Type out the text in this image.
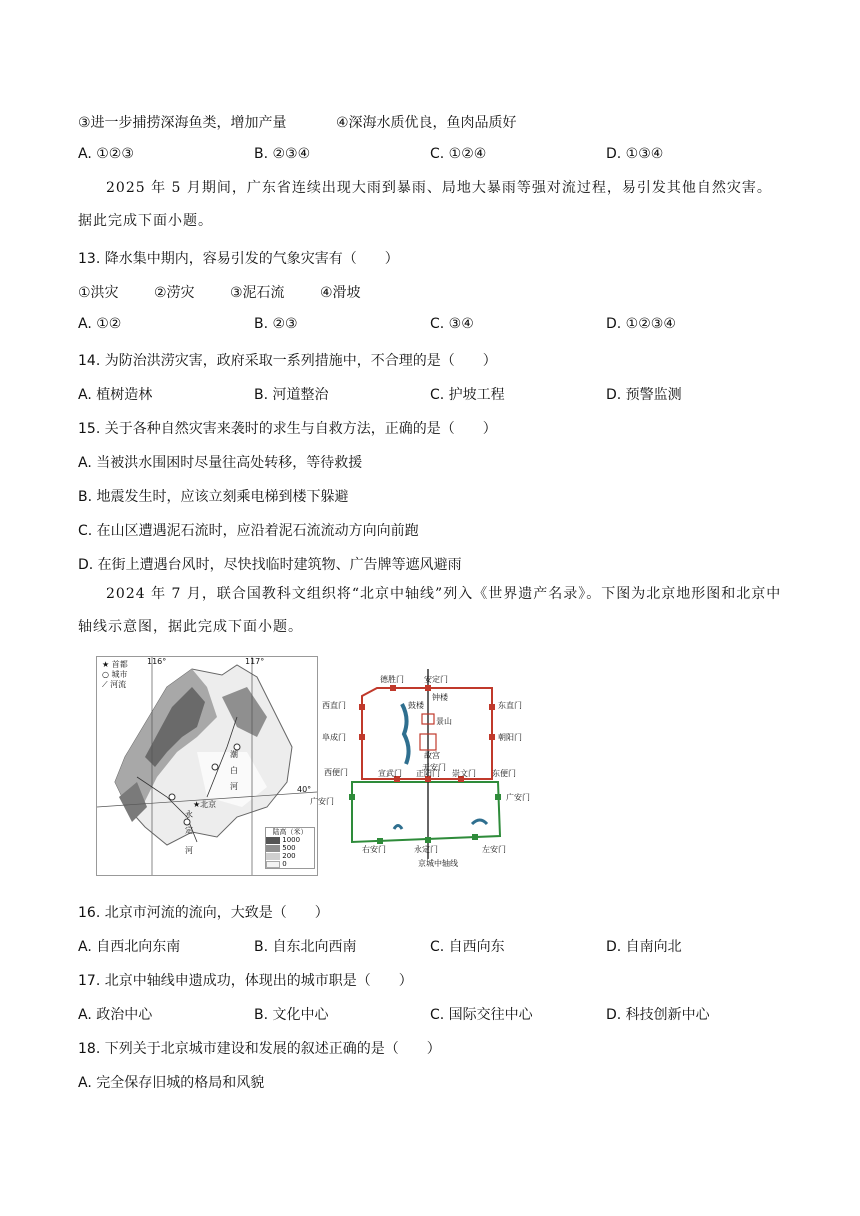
③进一步捕捞深海鱼类，增加产量	④深海水质优良，鱼肉品质好
A. ①②③	B. ②③④	C. ①②④	D. ①③④
2025 年 5 月期间，广东省连续出现大雨到暴雨、局地大暴雨等强对流过程，易引发其他自然灾害。据此完成下面小题。
13. 降水集中期内，容易引发的气象灾害有（　　）
①洪灾	②涝灾	③泥石流	④滑坡
A. ①②	B. ②③	C. ③④	D. ①②③④
14. 为防治洪涝灾害，政府采取一系列措施中，不合理的是（　　）
A. 植树造林	B. 河道整治	C. 护坡工程	D. 预警监测
15. 关于各种自然灾害来袭时的求生与自救方法，正确的是（　　）
A. 当被洪水围困时尽量往高处转移，等待救援
B. 地震发生时，应该立刻乘电梯到楼下躲避
C. 在山区遭遇泥石流时，应沿着泥石流流动方向向前跑
D. 在街上遭遇台风时，尽快找临时建筑物、广告牌等遮风避雨
2024 年 7 月，联合国教科文组织将“北京中轴线”列入《世界遗产名录》。下图为北京地形图和北京中轴线示意图，据此完成下面小题。
★ 首都
○ 城市
⟋ 河流
116°	117°
40°
潮
白
河
永
定
河
★北京
陆高（米）
1000
500
200
0
德胜门	安定门
钟楼
鼓楼
景山
故宫
天安门
西直门
阜成门
西便门
广安门
东直门
朝阳门
东便门
广安门
宣武门 正阳门 崇文门
右安门	永定门	左安门
京城中轴线
16. 北京市河流的流向，大致是（　　）
A. 自西北向东南	B. 自东北向西南	C. 自西向东	D. 自南向北
17. 北京中轴线申遗成功，体现出的城市职是（　　）
A. 政治中心	B. 文化中心	C. 国际交往中心	D. 科技创新中心
18. 下列关于北京城市建设和发展的叙述正确的是（　　）
A. 完全保存旧城的格局和风貌
